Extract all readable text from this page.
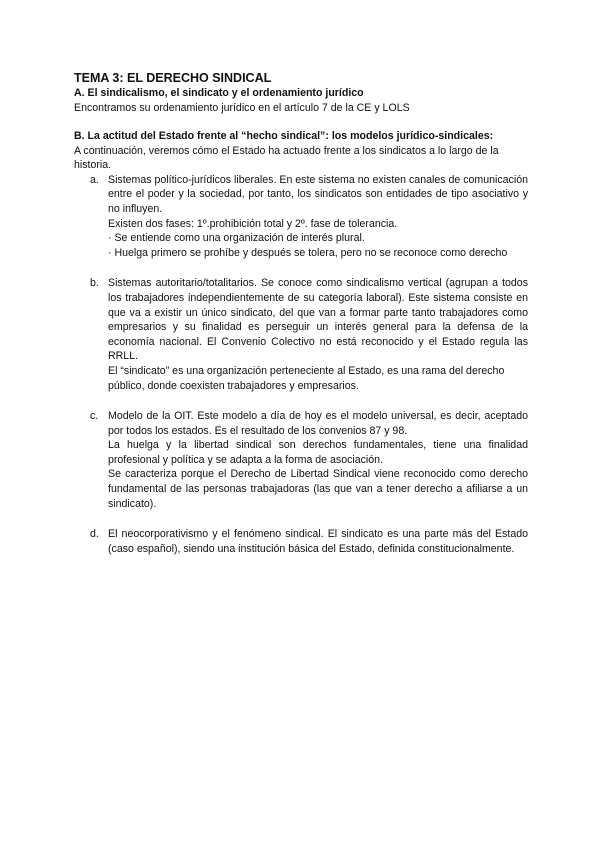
TEMA 3: EL DERECHO SINDICAL
A. El sindicalismo, el sindicato y el ordenamiento jurídico

Encontramos su ordenamiento jurídico en el artículo 7 de la CE y LOLS

B. La actitud del Estado frente al “hecho sindical”: los modelos jurídico-sindicales:

A continuación, veremos cómo el Estado ha actuado frente a los sindicatos a lo largo de la historia.

a. Sistemas político-jurídicos liberales. En este sistema no existen canales de comunicación entre el poder y la sociedad, por tanto, los sindicatos son entidades de tipo asociativo y no influyen.

Existen dos fases: 1º.prohibición total y 2º. fase de tolerancia.

· Se entiende como una organización de interés plural.

· Huelga primero se prohíbe y después se tolera, pero no se reconoce como derecho

b. Sistemas autoritario/totalitarios. Se conoce como sindicalismo vertical (agrupan a todos los trabajadores independientemente de su categoría laboral). Este sistema consiste en que va a existir un único sindicato, del que van a formar parte tanto trabajadores como empresarios y su finalidad es perseguir un interés general para la defensa de la economía nacional. El Convenio Colectivo no está reconocido y el Estado regula las RRLL.

El “sindicato” es una organización perteneciente al Estado, es una rama del derecho público, donde coexisten trabajadores y empresarios.

c. Modelo de la OIT. Este modelo a día de hoy es el modelo universal, es decir, aceptado por todos los estados. Es el resultado de los convenios 87 y 98.

La huelga y la libertad sindical son derechos fundamentales, tiene una finalidad profesional y política y se adapta a la forma de asociación.

Se caracteriza porque el Derecho de Libertad Sindical viene reconocido como derecho fundamental de las personas trabajadoras (las que van a tener derecho a afiliarse a un sindicato).

d. El neocorporativismo y el fenómeno sindical. El sindicato es una parte más del Estado (caso español), siendo una institución básica del Estado, definida constitucionalmente.
